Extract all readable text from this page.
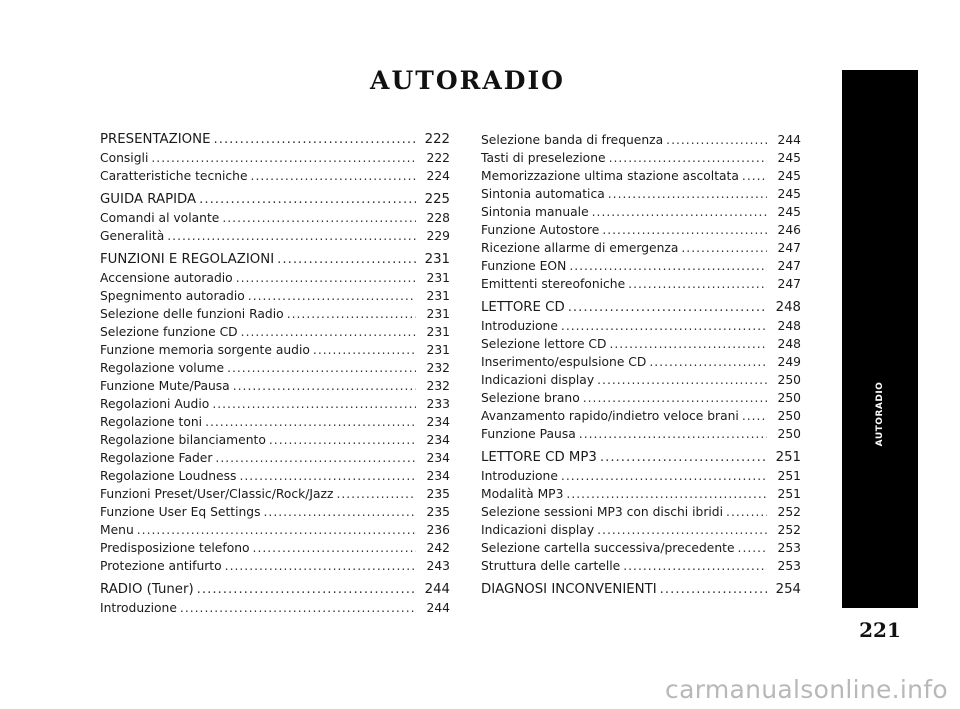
AUTORADIO
PRESENTAZIONE .....	222
Consigli .....	222
Caratteristiche tecniche .....	224
GUIDA RAPIDA .....	225
Comandi al volante .....	228
Generalità .....	229
FUNZIONI E REGOLAZIONI .....	231
Accensione autoradio .....	231
Spegnimento autoradio .....	231
Selezione delle funzioni Radio .....	231
Selezione funzione CD .....	231
Funzione memoria sorgente audio .....	231
Regolazione volume .....	232
Funzione Mute/Pausa .....	232
Regolazioni Audio .....	233
Regolazione toni .....	234
Regolazione bilanciamento .....	234
Regolazione Fader .....	234
Regolazione Loudness .....	234
Funzioni Preset/User/Classic/Rock/Jazz .....	235
Funzione User Eq Settings .....	235
Menu .....	236
Predisposizione telefono .....	242
Protezione antifurto .....	243
RADIO (Tuner) .....	244
Introduzione .....	244
Selezione banda di frequenza .....	244
Tasti di preselezione .....	245
Memorizzazione ultima stazione ascoltata .....	245
Sintonia automatica .....	245
Sintonia manuale .....	245
Funzione Autostore .....	246
Ricezione allarme di emergenza .....	247
Funzione EON .....	247
Emittenti stereofoniche .....	247
LETTORE CD .....	248
Introduzione .....	248
Selezione lettore CD .....	248
Inserimento/espulsione CD .....	249
Indicazioni display .....	250
Selezione brano .....	250
Avanzamento rapido/indietro veloce brani .....	250
Funzione Pausa .....	250
LETTORE CD MP3 .....	251
Introduzione .....	251
Modalità MP3 .....	251
Selezione sessioni MP3 con dischi ibridi .....	252
Indicazioni display .....	252
Selezione cartella successiva/precedente .....	253
Struttura delle cartelle .....	253
DIAGNOSI INCONVENIENTI .....	254
AUTORADIO
221
carmanualsonline.info
